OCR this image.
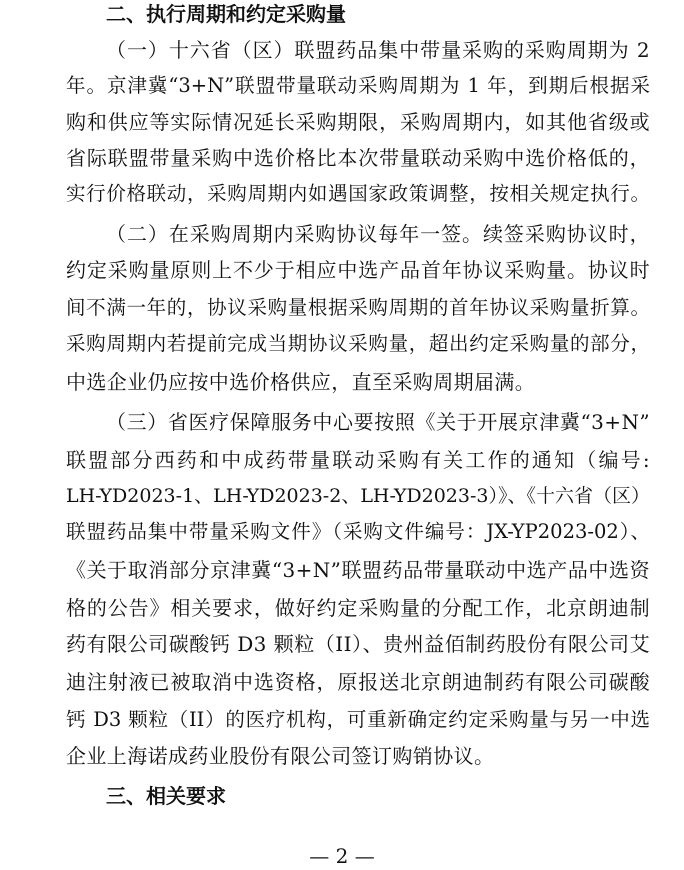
二、执行周期和约定采购量
（一）十六省（区）联盟药品集中带量采购的采购周期为 2
年。京津冀“3+N”联盟带量联动采购周期为 1 年，到期后根据采
购和供应等实际情况延长采购期限，采购周期内，如其他省级或
省际联盟带量采购中选价格比本次带量联动采购中选价格低的，
实行价格联动，采购周期内如遇国家政策调整，按相关规定执行。
（二）在采购周期内采购协议每年一签。续签采购协议时，
约定采购量原则上不少于相应中选产品首年协议采购量。协议时
间不满一年的，协议采购量根据采购周期的首年协议采购量折算。
采购周期内若提前完成当期协议采购量，超出约定采购量的部分，
中选企业仍应按中选价格供应，直至采购周期届满。
（三）省医疗保障服务中心要按照《关于开展京津冀“3+N”
联盟部分西药和中成药带量联动采购有关工作的通知（编号:
LH-YD2023-1、LH-YD2023-2、LH-YD2023-3）》、《十六省（区）
联盟药品集中带量采购文件》（采购文件编号：JX-YP2023-02）、
《关于取消部分京津冀“3+N”联盟药品带量联动中选产品中选资
格的公告》相关要求，做好约定采购量的分配工作，北京朗迪制
药有限公司碳酸钙 D3 颗粒（II）、贵州益佰制药股份有限公司艾
迪注射液已被取消中选资格，原报送北京朗迪制药有限公司碳酸
钙 D3 颗粒（II）的医疗机构，可重新确定约定采购量与另一中选
企业上海诺成药业股份有限公司签订购销协议。
三、相关要求
— 2 —
